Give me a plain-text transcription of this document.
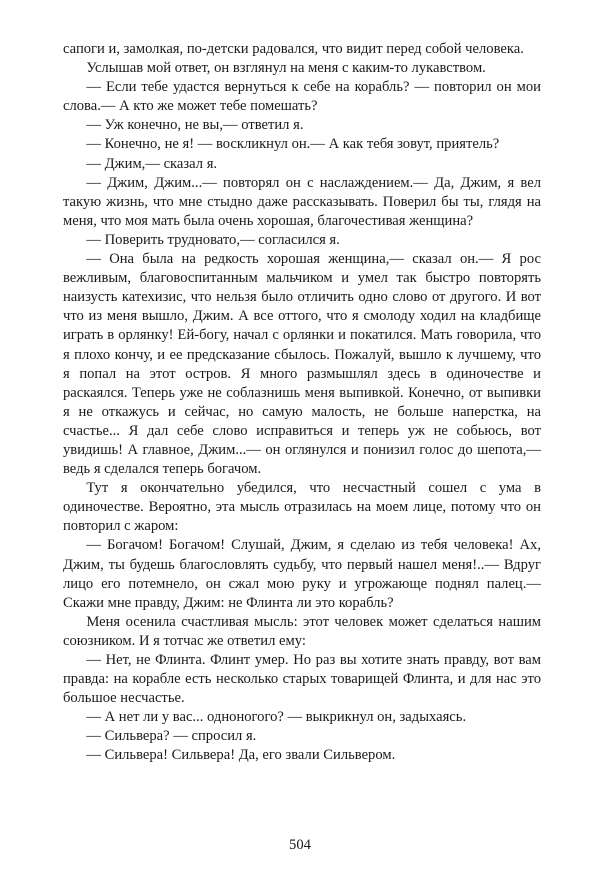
сапоги и, замолкая, по-детски радовался, что видит перед собой человека.

Услышав мой ответ, он взглянул на меня с каким-то лукавством.

— Если тебе удастся вернуться к себе на корабль? — повторил он мои слова.— А кто же может тебе помешать?

— Уж конечно, не вы,— ответил я.

— Конечно, не я! — воскликнул он.— А как тебя зовут, приятель?

— Джим,— сказал я.

— Джим, Джим...— повторял он с наслаждением.— Да, Джим, я вел такую жизнь, что мне стыдно даже рассказывать. Поверил бы ты, глядя на меня, что моя мать была очень хорошая, благочестивая женщина?

— Поверить трудновато,— согласился я.

— Она была на редкость хорошая женщина,— сказал он.— Я рос вежливым, благовоспитанным мальчиком и умел так быстро повторять наизусть катехизис, что нельзя было отличить одно слово от другого. И вот что из меня вышло, Джим. А все оттого, что я смолоду ходил на кладбище играть в орлянку! Ей-богу, начал с орлянки и покатился. Мать говорила, что я плохо кончу, и ее предсказание сбылось. Пожалуй, вышло к лучшему, что я попал на этот остров. Я много размышлял здесь в одиночестве и раскаялся. Теперь уже не соблазнишь меня выпивкой. Конечно, от выпивки я не откажусь и сейчас, но самую малость, не больше наперстка, на счастье... Я дал себе слово исправиться и теперь уж не собьюсь, вот увидишь! А главное, Джим...— он оглянулся и понизил голос до шепота,— ведь я сделался теперь богачом.

Тут я окончательно убедился, что несчастный сошел с ума в одиночестве. Вероятно, эта мысль отразилась на моем лице, потому что он повторил с жаром:

— Богачом! Богачом! Слушай, Джим, я сделаю из тебя человека! Ах, Джим, ты будешь благословлять судьбу, что первый нашел меня!..— Вдруг лицо его потемнело, он сжал мою руку и угрожающе поднял палец.— Скажи мне правду, Джим: не Флинта ли это корабль?

Меня осенила счастливая мысль: этот человек может сделаться нашим союзником. И я тотчас же ответил ему:

— Нет, не Флинта. Флинт умер. Но раз вы хотите знать правду, вот вам правда: на корабле есть несколько старых товарищей Флинта, и для нас это большое несчастье.

— А нет ли у вас... одноногого? — выкрикнул он, задыхаясь.

— Сильвера? — спросил я.

— Сильвера! Сильвера! Да, его звали Сильвером.

504
